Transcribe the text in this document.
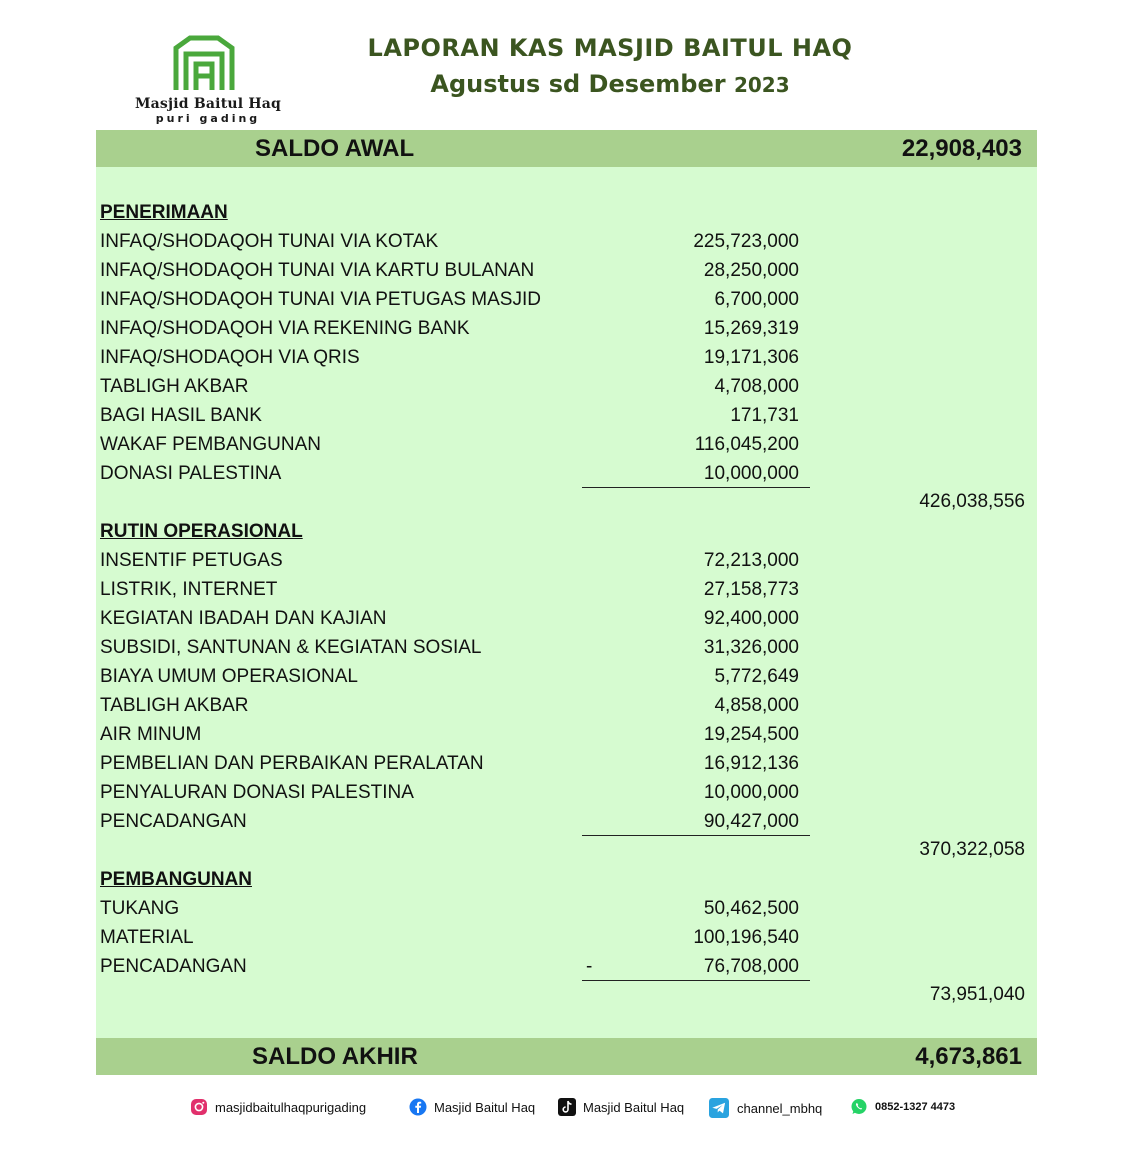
Masjid Baitul Haq
puri gading
LAPORAN KAS MASJID BAITUL HAQ
Agustus sd Desember 2023
SALDO AWAL	22,908,403
PENERIMAAN
INFAQ/SHODAQOH TUNAI VIA KOTAK	225,723,000
INFAQ/SHODAQOH TUNAI VIA KARTU BULANAN	28,250,000
INFAQ/SHODAQOH TUNAI VIA PETUGAS MASJID	6,700,000
INFAQ/SHODAQOH VIA REKENING BANK	15,269,319
INFAQ/SHODAQOH VIA QRIS	19,171,306
TABLIGH AKBAR	4,708,000
BAGI HASIL BANK	171,731
WAKAF PEMBANGUNAN	116,045,200
DONASI PALESTINA	10,000,000
426,038,556
RUTIN OPERASIONAL
INSENTIF PETUGAS	72,213,000
LISTRIK, INTERNET	27,158,773
KEGIATAN IBADAH DAN KAJIAN	92,400,000
SUBSIDI, SANTUNAN & KEGIATAN SOSIAL	31,326,000
BIAYA UMUM OPERASIONAL	5,772,649
TABLIGH AKBAR	4,858,000
AIR MINUM	19,254,500
PEMBELIAN DAN PERBAIKAN PERALATAN	16,912,136
PENYALURAN DONASI PALESTINA	10,000,000
PENCADANGAN	90,427,000
370,322,058
PEMBANGUNAN
TUKANG	50,462,500
MATERIAL	100,196,540
PENCADANGAN	-	76,708,000
73,951,040
SALDO AKHIR	4,673,861
masjidbaitulhaqpurigading	Masjid Baitul Haq	Masjid Baitul Haq	channel_mbhq	0852-1327 4473
